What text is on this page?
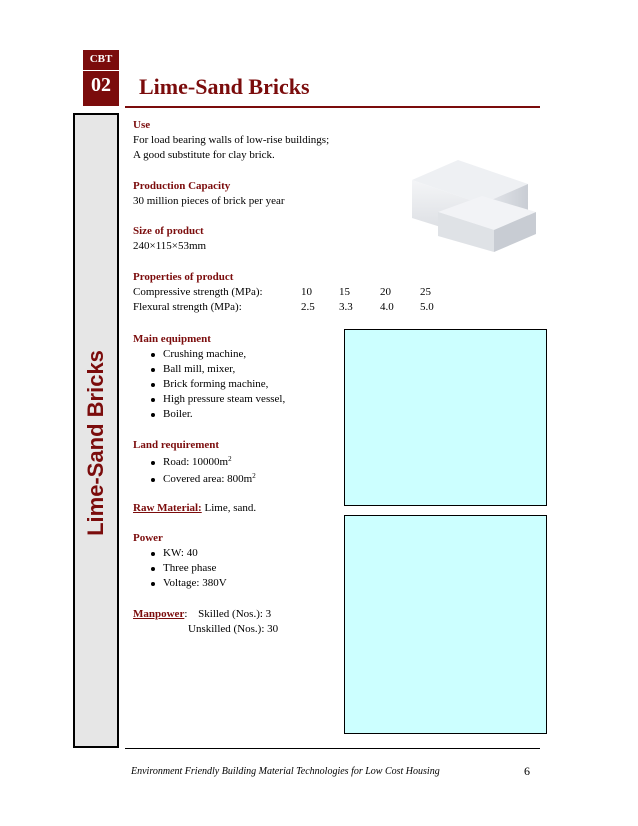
CBT
02	Lime-Sand Bricks
Lime-Sand Bricks
Use
For load bearing walls of low-rise buildings;
A good substitute for clay brick.
Production Capacity
30 million pieces of brick per year
Size of product
240×115×53mm
Properties of product
Compressive strength (MPa):	10 15	20	25
Flexural strength (MPa):	2.5 3.3 4.0 5.0
Main equipment
Crushing machine,
Ball mill, mixer,
Brick forming machine,
High pressure steam vessel,
Boiler.
Land requirement
Road: $10000m^2$
Covered area: $800m^2$
Raw Material: Lime, sand.
Power
KW: 40
Three phase
Voltage: 380V
Manpower: Skilled (Nos.): 3
Unskilled (Nos.): 30
Environment Friendly Building Material Technologies for Low Cost Housing	6
